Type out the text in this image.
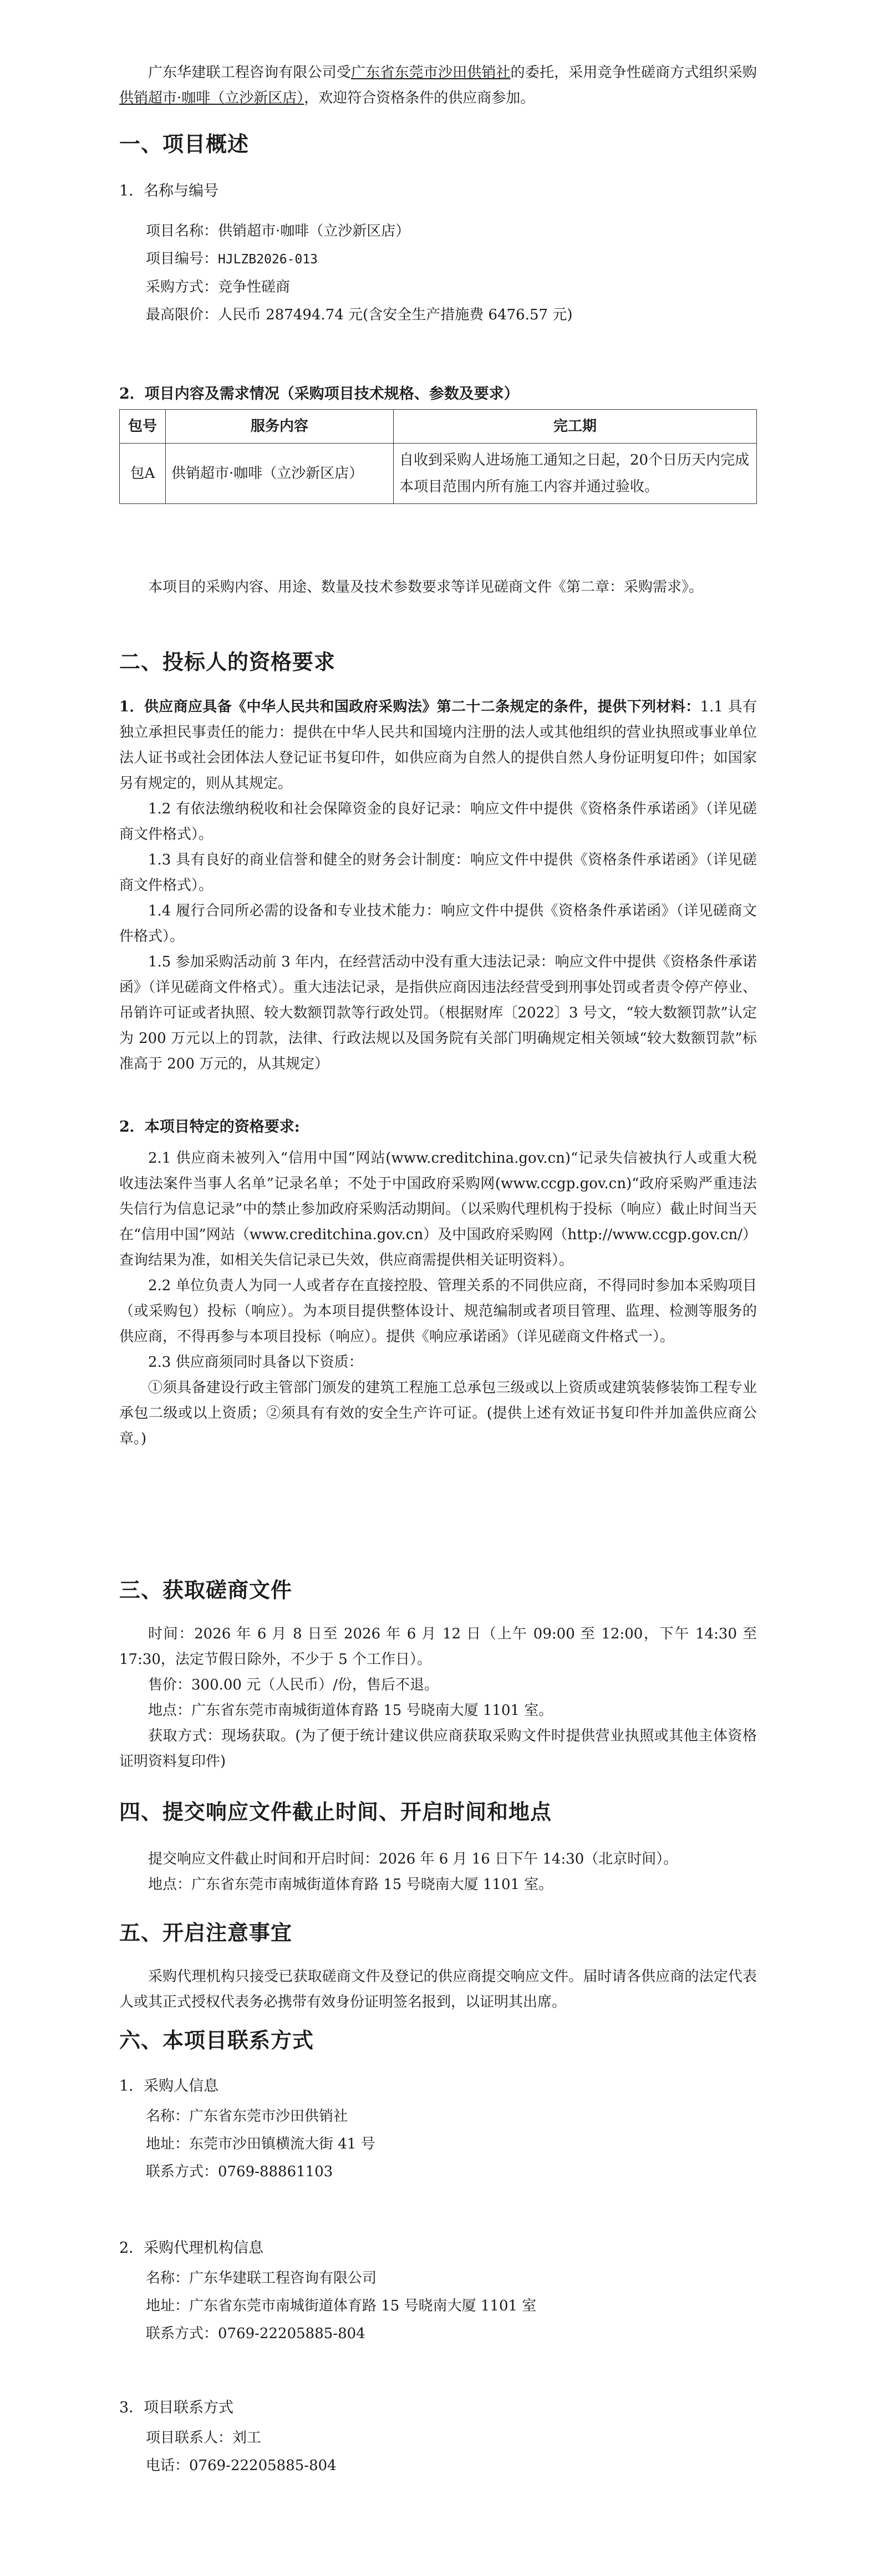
广东华建联工程咨询有限公司受广东省东莞市沙田供销社的委托，采用竞争性磋商方式组织采购供销超市·咖啡（立沙新区店），欢迎符合资格条件的供应商参加。

一、项目概述

1．名称与编号

项目名称：供销超市·咖啡（立沙新区店）

项目编号：HJLZB2026-013

采购方式：竞争性磋商

最高限价：人民币 287494.74 元(含安全生产措施费 6476.57 元)

2．项目内容及需求情况（采购项目技术规格、参数及要求）

包号	服务内容	完工期
包A	供销超市·咖啡（立沙新区店）	自收到采购人进场施工通知之日起，20个日历天内完成本项目范围内所有施工内容并通过验收。

本项目的采购内容、用途、数量及技术参数要求等详见磋商文件《第二章：采购需求》。

二、投标人的资格要求

1．供应商应具备《中华人民共和国政府采购法》第二十二条规定的条件，提供下列材料：1.1 具有独立承担民事责任的能力：提供在中华人民共和国境内注册的法人或其他组织的营业执照或事业单位法人证书或社会团体法人登记证书复印件，如供应商为自然人的提供自然人身份证明复印件；如国家另有规定的，则从其规定。

1.2 有依法缴纳税收和社会保障资金的良好记录：响应文件中提供《资格条件承诺函》（详见磋商文件格式）。

1.3 具有良好的商业信誉和健全的财务会计制度：响应文件中提供《资格条件承诺函》（详见磋商文件格式）。

1.4 履行合同所必需的设备和专业技术能力：响应文件中提供《资格条件承诺函》（详见磋商文件格式）。

1.5 参加采购活动前 3 年内，在经营活动中没有重大违法记录：响应文件中提供《资格条件承诺函》（详见磋商文件格式）。重大违法记录，是指供应商因违法经营受到刑事处罚或者责令停产停业、吊销许可证或者执照、较大数额罚款等行政处罚。（根据财库〔2022〕3 号文，“较大数额罚款”认定为 200 万元以上的罚款，法律、行政法规以及国务院有关部门明确规定相关领域“较大数额罚款”标准高于 200 万元的，从其规定）

2．本项目特定的资格要求:

2.1 供应商未被列入“信用中国”网站(www.creditchina.gov.cn)“记录失信被执行人或重大税收违法案件当事人名单”记录名单；不处于中国政府采购网(www.ccgp.gov.cn)“政府采购严重违法失信行为信息记录”中的禁止参加政府采购活动期间。（以采购代理机构于投标（响应）截止时间当天在“信用中国”网站（www.creditchina.gov.cn）及中国政府采购网（http://www.ccgp.gov.cn/）查询结果为准，如相关失信记录已失效，供应商需提供相关证明资料）。

2.2 单位负责人为同一人或者存在直接控股、管理关系的不同供应商，不得同时参加本采购项目（或采购包）投标（响应）。为本项目提供整体设计、规范编制或者项目管理、监理、检测等服务的供应商，不得再参与本项目投标（响应）。提供《响应承诺函》（详见磋商文件格式一）。

2.3 供应商须同时具备以下资质：

①须具备建设行政主管部门颁发的建筑工程施工总承包三级或以上资质或建筑装修装饰工程专业承包二级或以上资质；②须具有有效的安全生产许可证。(提供上述有效证书复印件并加盖供应商公章。)

三、获取磋商文件

时间：2026 年 6 月 8 日至 2026 年 6 月 12 日（上午 09:00 至 12:00，下午 14:30 至 17:30，法定节假日除外，不少于 5 个工作日）。

售价：300.00 元（人民币）/份，售后不退。

地点：广东省东莞市南城街道体育路 15 号晓南大厦 1101 室。

获取方式：现场获取。(为了便于统计建议供应商获取采购文件时提供营业执照或其他主体资格证明资料复印件)

四、提交响应文件截止时间、开启时间和地点

提交响应文件截止时间和开启时间：2026 年 6 月 16 日下午 14:30（北京时间）。

地点：广东省东莞市南城街道体育路 15 号晓南大厦 1101 室。

五、开启注意事宜

采购代理机构只接受已获取磋商文件及登记的供应商提交响应文件。届时请各供应商的法定代表人或其正式授权代表务必携带有效身份证明签名报到，以证明其出席。

六、本项目联系方式

1．采购人信息

名称：广东省东莞市沙田供销社

地址：东莞市沙田镇横流大街 41 号

联系方式：0769-88861103

2．采购代理机构信息

名称：广东华建联工程咨询有限公司

地址：广东省东莞市南城街道体育路 15 号晓南大厦 1101 室

联系方式：0769-22205885-804

3．项目联系方式

项目联系人：刘工

电话：0769-22205885-804
